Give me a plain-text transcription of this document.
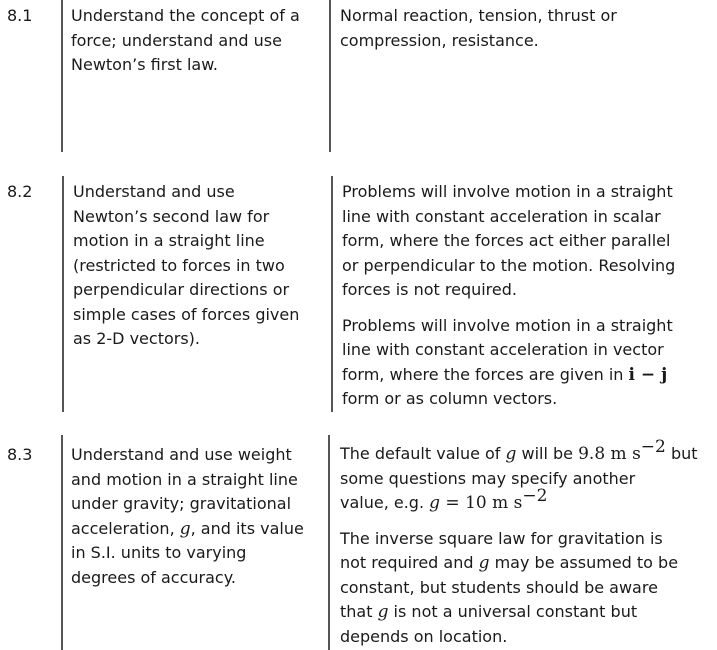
8.1 Understand the concept of a
force; understand and use
Newton’s first law.
Normal reaction, tension, thrust or
compression, resistance.
8.2	Understand and use
Newton’s second law for
motion in a straight line
(restricted to forces in two
perpendicular directions or
simple cases of forces given
as 2-D vectors).
Problems will involve motion in a straight
line with constant acceleration in scalar
form, where the forces act either parallel
or perpendicular to the motion. Resolving
forces is not required.
Problems will involve motion in a straight
line with constant acceleration in vector
form, where the forces are given in i − j
form or as column vectors.
8.3 Understand and use weight
and motion in a straight line
under gravity; gravitational
acceleration, g, and its value
in S.I. units to varying
degrees of accuracy.
The default value of g will be 9.8 m $s^{-2}$ but
some questions may specify another
value, e.g. g = 10 m $s^{-2}$
The inverse square law for gravitation is
not required and g may be assumed to be
constant, but students should be aware
that g is not a universal constant but
depends on location.
